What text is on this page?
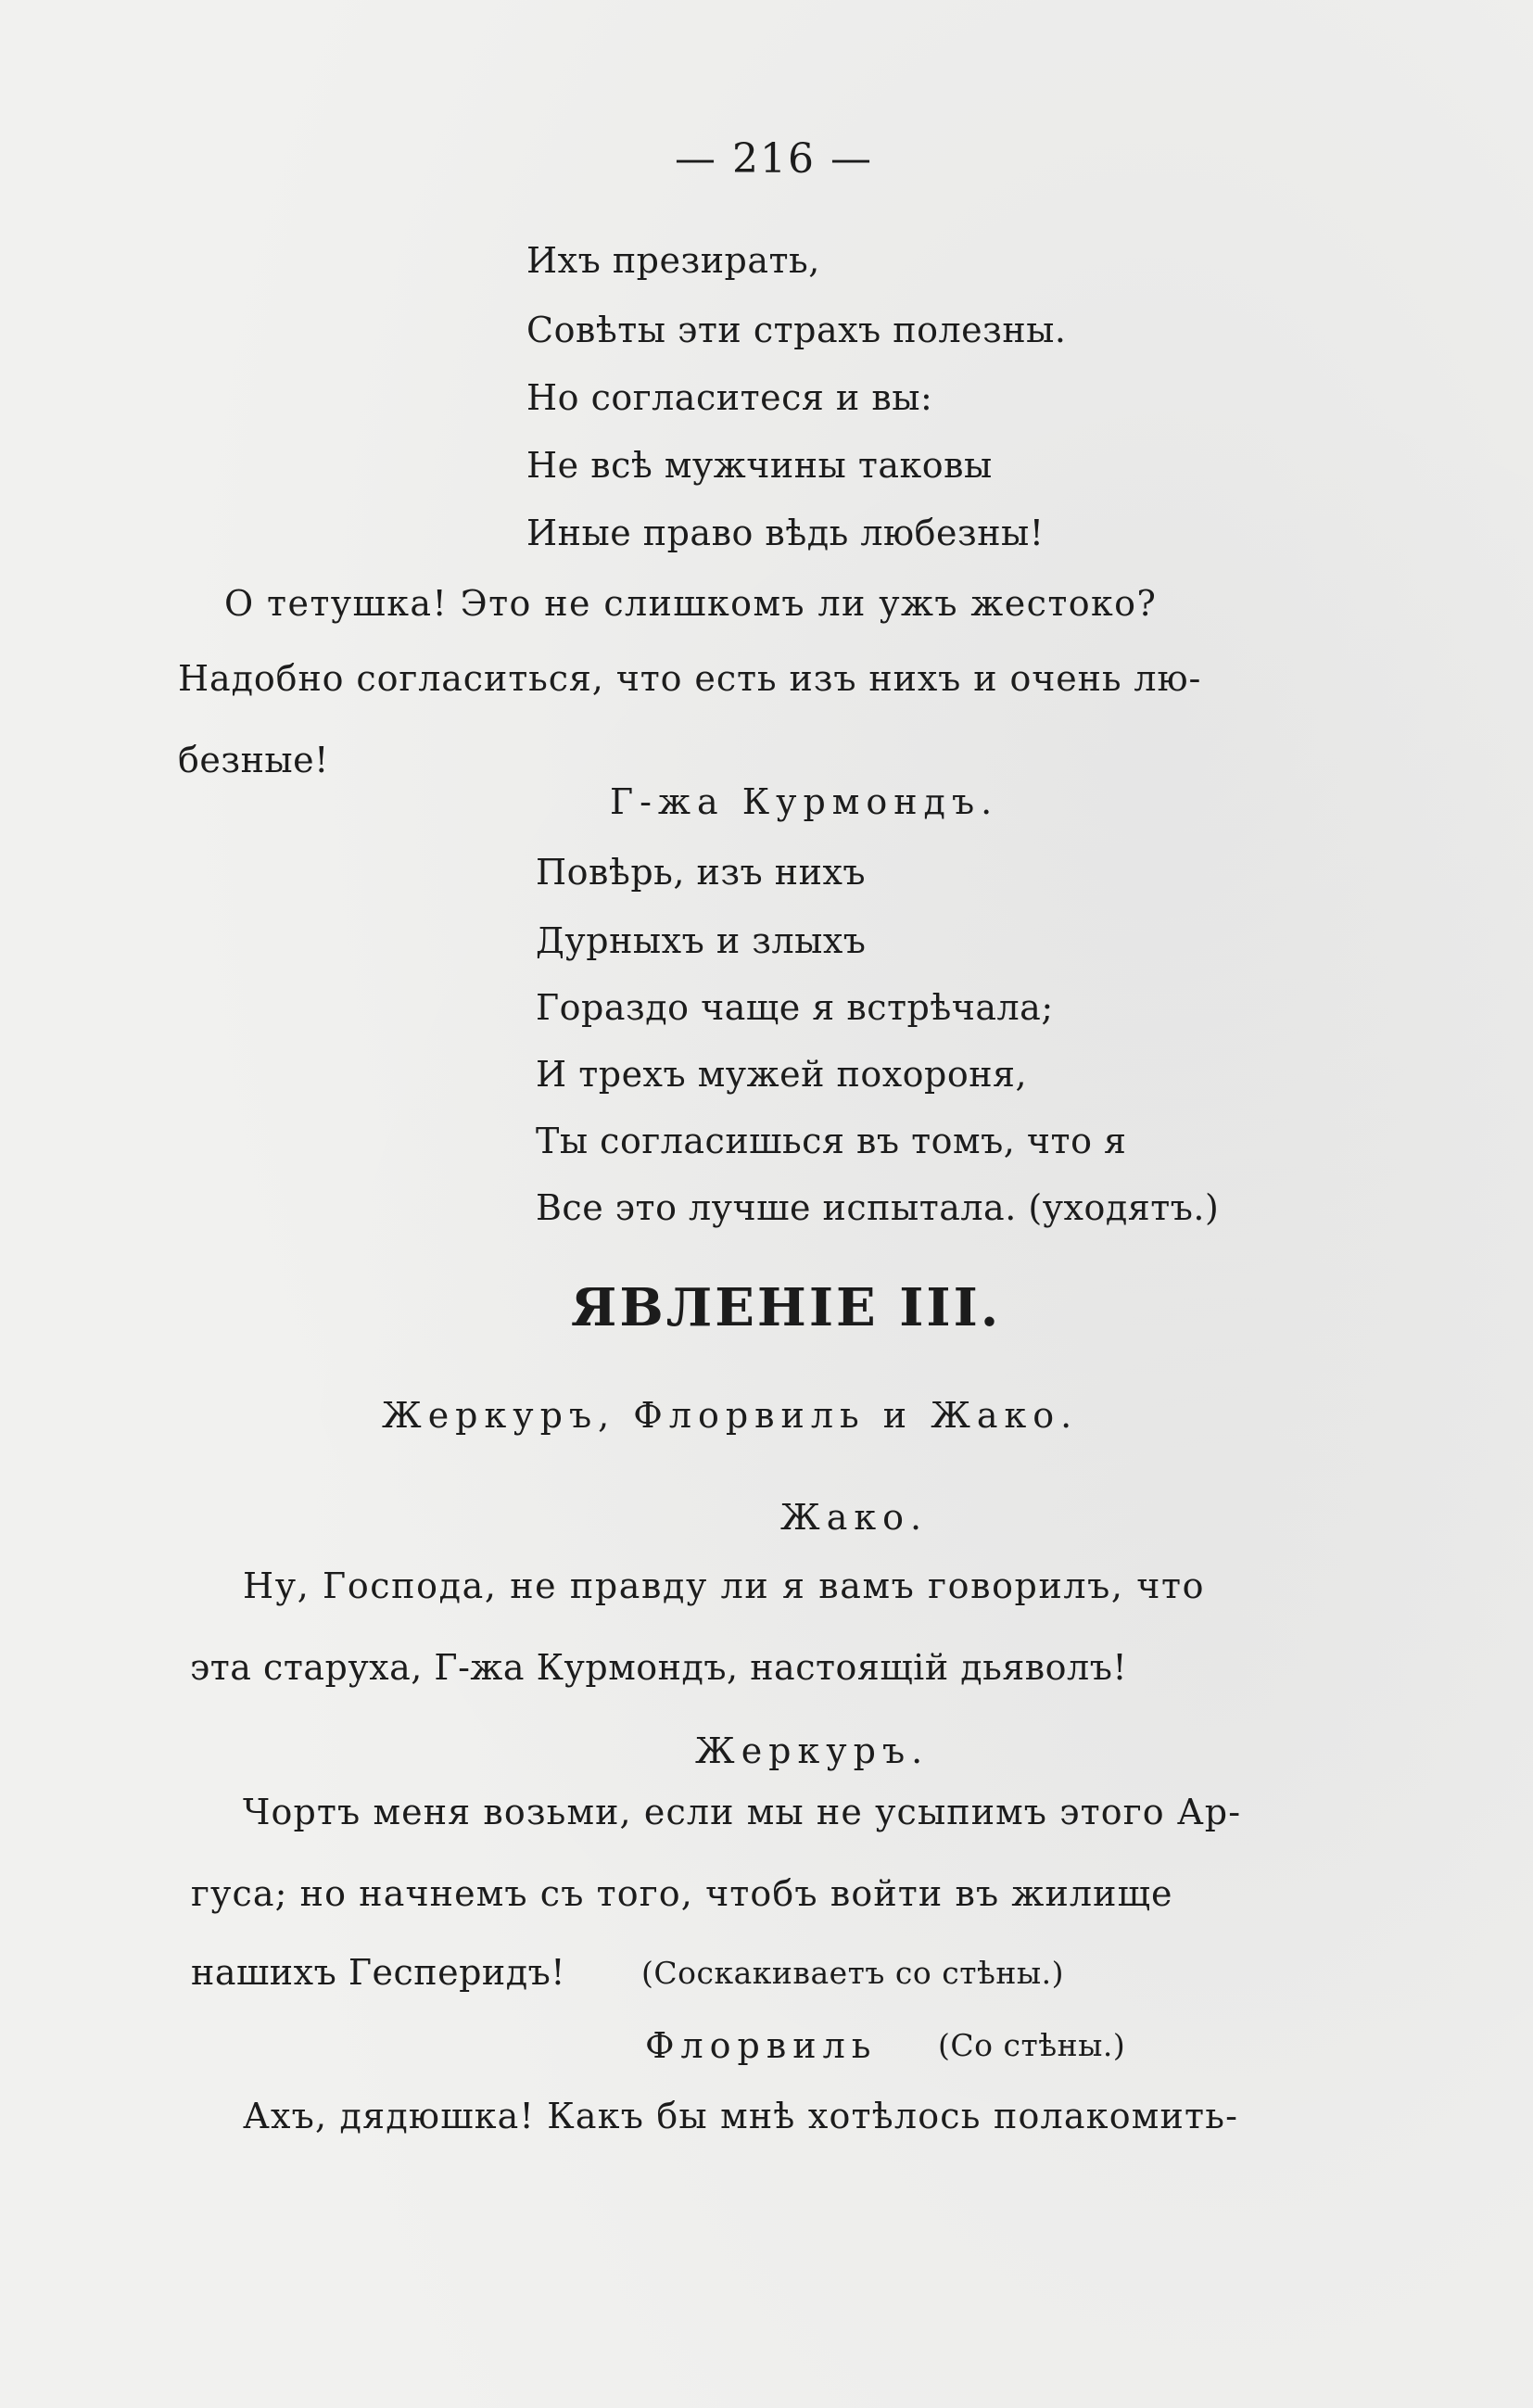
— 216 —
Ихъ презирать,
Совѣты эти страхъ полезны.
Но согласитеся и вы:
Не всѣ мужчины таковы
Иные право вѣдь любезны!
О тетушка! Это не слишкомъ ли ужъ жестоко?
Надобно согласиться, что есть изъ нихъ и очень лю-
безные!
Г-жа Курмондъ.
Повѣрь, изъ нихъ
Дурныхъ и злыхъ
Гораздо чаще я встрѣчала;
И трехъ мужей похороня,
Ты согласишься въ томъ, что я
Все это лучше испытала. (уходятъ.)
ЯВЛЕНІЕ III.
Жеркуръ, Флорвиль и Жако.
Жако.
Ну, Господа, не правду ли я вамъ говорилъ, что
эта старуха, Г-жа Курмондъ, настоящій дьяволъ!
Жеркуръ.
Чортъ меня возьми, если мы не усыпимъ этого Ар-
гуса; но начнемъ съ того, чтобъ войти въ жилище
нашихъ Гесперидъ! (Соскакиваетъ со стѣны.)
Флорвиль (Со стѣны.)
Ахъ, дядюшка! Какъ бы мнѣ хотѣлось полакомить-
